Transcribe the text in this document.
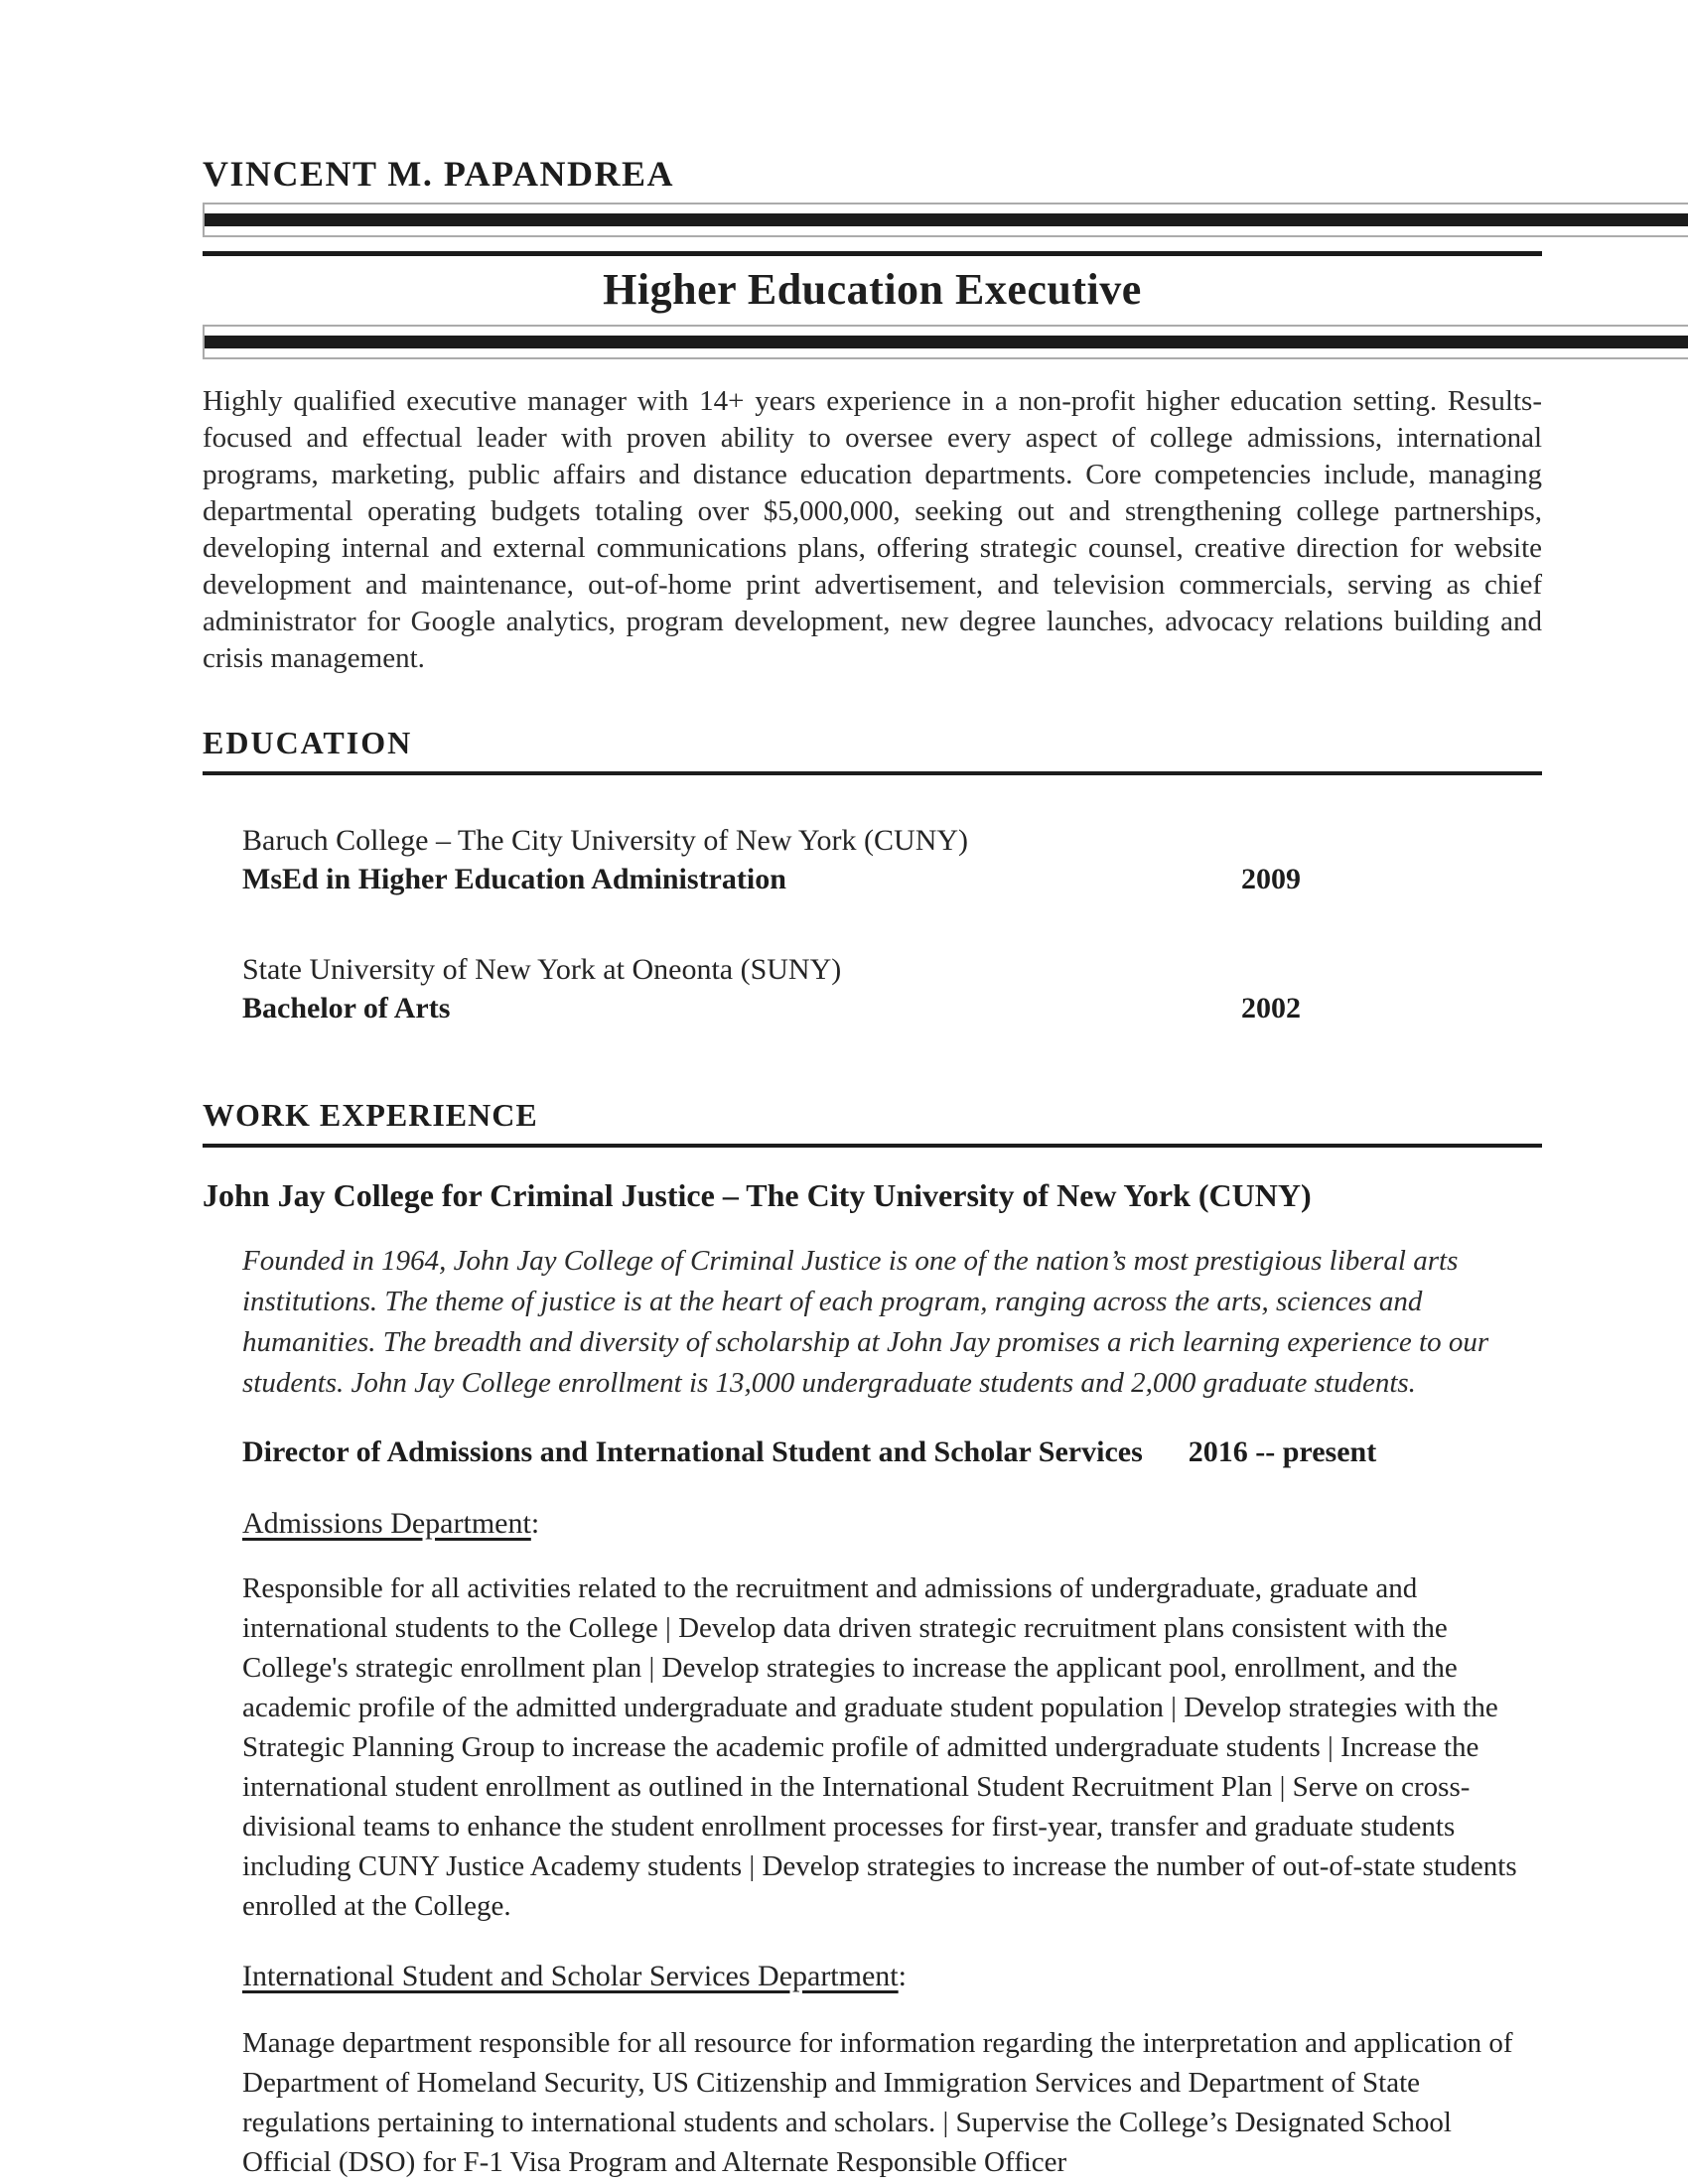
VINCENT M. PAPANDREA
Higher Education Executive

Highly qualified executive manager with 14+ years experience in a non-profit higher education setting. Results-focused and effectual leader with proven ability to oversee every aspect of college admissions, international programs, marketing, public affairs and distance education departments. Core competencies include, managing departmental operating budgets totaling over $5,000,000, seeking out and strengthening college partnerships, developing internal and external communications plans, offering strategic counsel, creative direction for website development and maintenance, out-of-home print advertisement, and television commercials, serving as chief administrator for Google analytics, program development, new degree launches, advocacy relations building and crisis management.

EDUCATION
Baruch College – The City University of New York (CUNY)
MsEd in Higher Education Administration	2009
State University of New York at Oneonta (SUNY)
Bachelor of Arts	2002
WORK EXPERIENCE
John Jay College for Criminal Justice – The City University of New York (CUNY)

Founded in 1964, John Jay College of Criminal Justice is one of the nation’s most prestigious liberal arts institutions. The theme of justice is at the heart of each program, ranging across the arts, sciences and humanities. The breadth and diversity of scholarship at John Jay promises a rich learning experience to our students. John Jay College enrollment is 13,000 undergraduate students and 2,000 graduate students.

Director of Admissions and International Student and Scholar Services 2016 -- present
Admissions Department:

Responsible for all activities related to the recruitment and admissions of undergraduate, graduate and international students to the College | Develop data driven strategic recruitment plans consistent with the College's strategic enrollment plan | Develop strategies to increase the applicant pool, enrollment, and the academic profile of the admitted undergraduate and graduate student population | Develop strategies with the Strategic Planning Group to increase the academic profile of admitted undergraduate students | Increase the international student enrollment as outlined in the International Student Recruitment Plan | Serve on cross-divisional teams to enhance the student enrollment processes for first-year, transfer and graduate students including CUNY Justice Academy students | Develop strategies to increase the number of out-of-state students enrolled at the College.

International Student and Scholar Services Department:

Manage department responsible for all resource for information regarding the interpretation and application of Department of Homeland Security, US Citizenship and Immigration Services and Department of State regulations pertaining to international students and scholars. | Supervise the College’s Designated School Official (DSO) for F-1 Visa Program and Alternate Responsible Officer
